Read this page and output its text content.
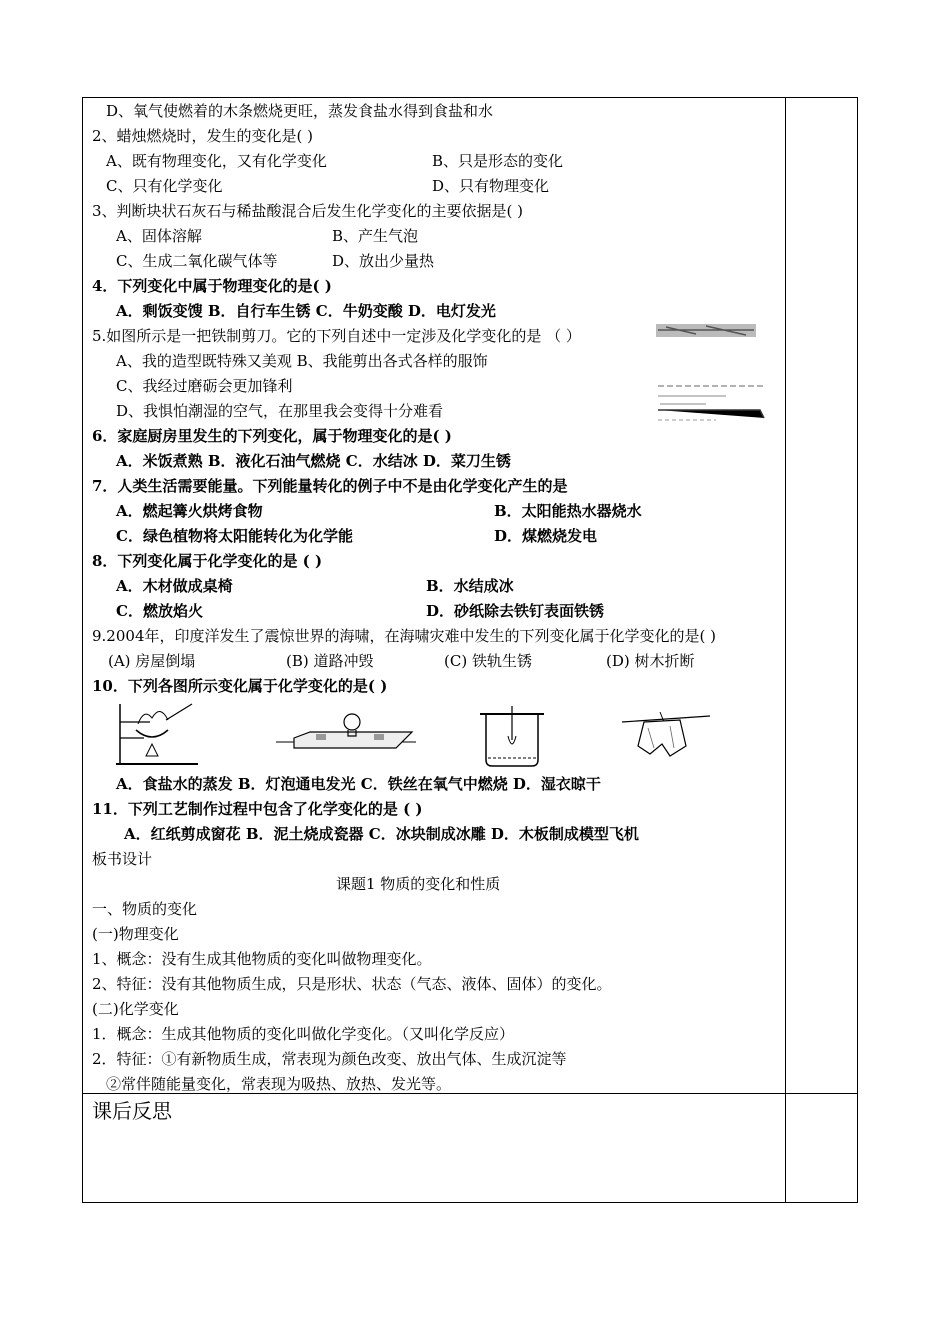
D、氧气使燃着的木条燃烧更旺，蒸发食盐水得到食盐和水
2、蜡烛燃烧时，发生的变化是( )
A、既有物理变化，又有化学变化	B、只是形态的变化
C、只有化学变化	D、只有物理变化
3、判断块状石灰石与稀盐酸混合后发生化学变化的主要依据是( )
A、固体溶解	B、产生气泡
C、生成二氧化碳气体等	D、放出少量热
4．下列变化中属于物理变化的是( )
A．剩饭变馊 B．自行车生锈 C．牛奶变酸 D．电灯发光
5.如图所示是一把铁制剪刀。它的下列自述中一定涉及化学变化的是 （ ）
A、我的造型既特殊又美观 B、我能剪出各式各样的服饰
C、我经过磨砺会更加锋利
D、我惧怕潮湿的空气，在那里我会变得十分难看
6．家庭厨房里发生的下列变化，属于物理变化的是( )
A．米饭煮熟 B．液化石油气燃烧 C．水结冰 D．菜刀生锈
7．人类生活需要能量。下列能量转化的例子中不是由化学变化产生的是
A．燃起篝火烘烤食物	B．太阳能热水器烧水
C．绿色植物将太阳能转化为化学能	D．煤燃烧发电
8．下列变化属于化学变化的是 ( )
A．木材做成桌椅	B．水结成冰
C．燃放焰火	D．砂纸除去铁钉表面铁锈
9.2004年，印度洋发生了震惊世界的海啸，在海啸灾难中发生的下列变化属于化学变化的是( )
(A) 房屋倒塌	(B) 道路冲毁	(C) 铁轨生锈	(D) 树木折断
10．下列各图所示变化属于化学变化的是( )
A．食盐水的蒸发 B．灯泡通电发光 C．铁丝在氧气中燃烧 D．湿衣晾干
11．下列工艺制作过程中包含了化学变化的是 ( )
A．红纸剪成窗花 B．泥土烧成瓷器 C．冰块制成冰雕 D．木板制成模型飞机
板书设计
课题1 物质的变化和性质
一、物质的变化
(一)物理变化
1、概念：没有生成其他物质的变化叫做物理变化。
2、特征：没有其他物质生成，只是形状、状态（气态、液体、固体）的变化。
(二)化学变化
1．概念：生成其他物质的变化叫做化学变化。（又叫化学反应）
2．特征：①有新物质生成，常表现为颜色改变、放出气体、生成沉淀等
②常伴随能量变化，常表现为吸热、放热、发光等。
课后反思
